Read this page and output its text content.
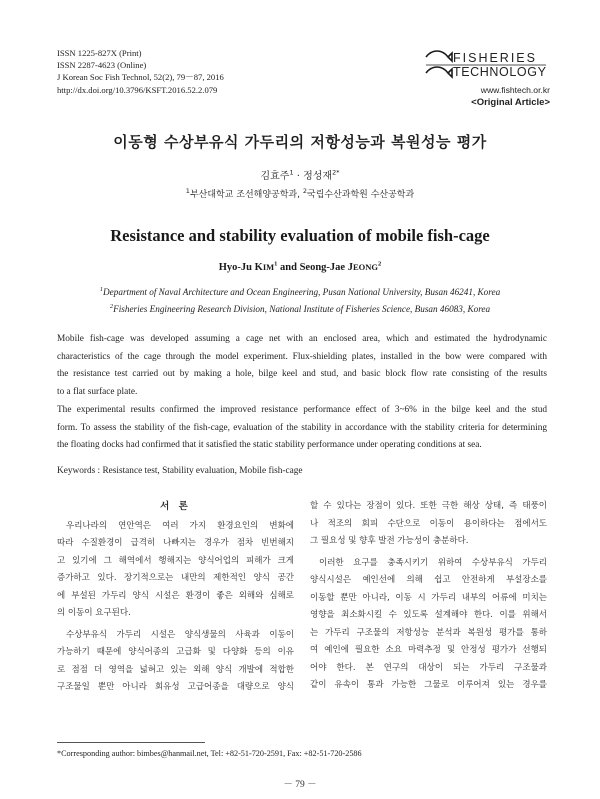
ISSN 1225-827X (Print)
ISSN 2287-4623 (Online)
J Korean Soc Fish Technol, 52(2), 79－87, 2016
http://dx.doi.org/10.3796/KSFT.2016.52.2.079
FISHERIES
TECHNOLOGY
www.fishtech.or.kr
<Original Article>
이동형 수상부유식 가두리의 저항성능과 복원성능 평가
김효주$^1$ · 정성재$^{2*}$
$^1$부산대학교 조선해양공학과, $^2$국립수산과학원 수산공학과
Resistance and stability evaluation of mobile fish-cage
Hyo-Ju KIM$^1$ and Seong-Jae JEONG$^2$
$^1$Department of Naval Architecture and Ocean Engineering, Pusan National University, Busan 46241, Korea
$^2$Fisheries Engineering Research Division, National Institute of Fisheries Science, Busan 46083, Korea
Mobile fish-cage was developed assuming a cage net with an enclosed area, which and estimated the hydrodynamic
characteristics of the cage through the model experiment. Flux-shielding plates, installed in the bow were compared with
the resistance test carried out by making a hole, bilge keel and stud, and basic block flow rate consisting of the results
to a flat surface plate.
The experimental results confirmed the improved resistance performance effect of 3~6% in the bilge keel and the stud
form. To assess the stability of the fish-cage, evaluation of the stability in accordance with the stability criteria for determining
the floating docks had confirmed that it satisfied the static stability performance under operating conditions at sea.
Keywords : Resistance test, Stability evaluation, Mobile fish-cage
서 론
우리나라의 연안역은 여러 가지 환경요인의 변화에
따라 수질환경이 급격히 나빠지는 경우가 점차 빈번해지
고 있기에 그 해역에서 행해지는 양식어업의 피해가 크게
증가하고 있다. 장기적으로는 내만의 제한적인 양식 공간
에 부설된 가두리 양식 시설은 환경이 좋은 외해와 심해로
의 이동이 요구된다.
수상부유식 가두리 시설은 양식생물의 사육과 이동이
가능하기 때문에 양식어종의 고급화 및 다양화 등의 이유
로 점점 더 영역을 넓혀고 있는 외해 양식 개발에 적합한
구조물일 뿐만 아니라 회유성 고급어종을 대량으로 양식
할 수 있다는 장점이 있다. 또한 극한 해상 상태, 즉 태풍이
나 적조의 회피 수단으로 이동이 용이하다는 점에서도
그 필요성 및 향후 발전 가능성이 충분하다.
이러한 요구를 충족시키기 위하여 수상부유식 가두리
양식시설은 예인선에 의해 쉽고 안전하게 부설장소를
이동할 뿐만 아니라, 이동 시 가두리 내부의 어류에 미치는
영향을 최소화시킬 수 있도록 설계해야 한다. 이를 위해서
는 가두리 구조물의 저항성능 분석과 복원성 평가를 통하
여 예인에 필요한 소요 마력추정 및 안정성 평가가 선행되
어야 한다. 본 연구의 대상이 되는 가두리 구조물과
같이 유속이 통과 가능한 그물로 이루어져 있는 경우를
*Corresponding author: bimbes@hanmail.net, Tel: +82-51-720-2591, Fax: +82-51-720-2586
－ 79 －
